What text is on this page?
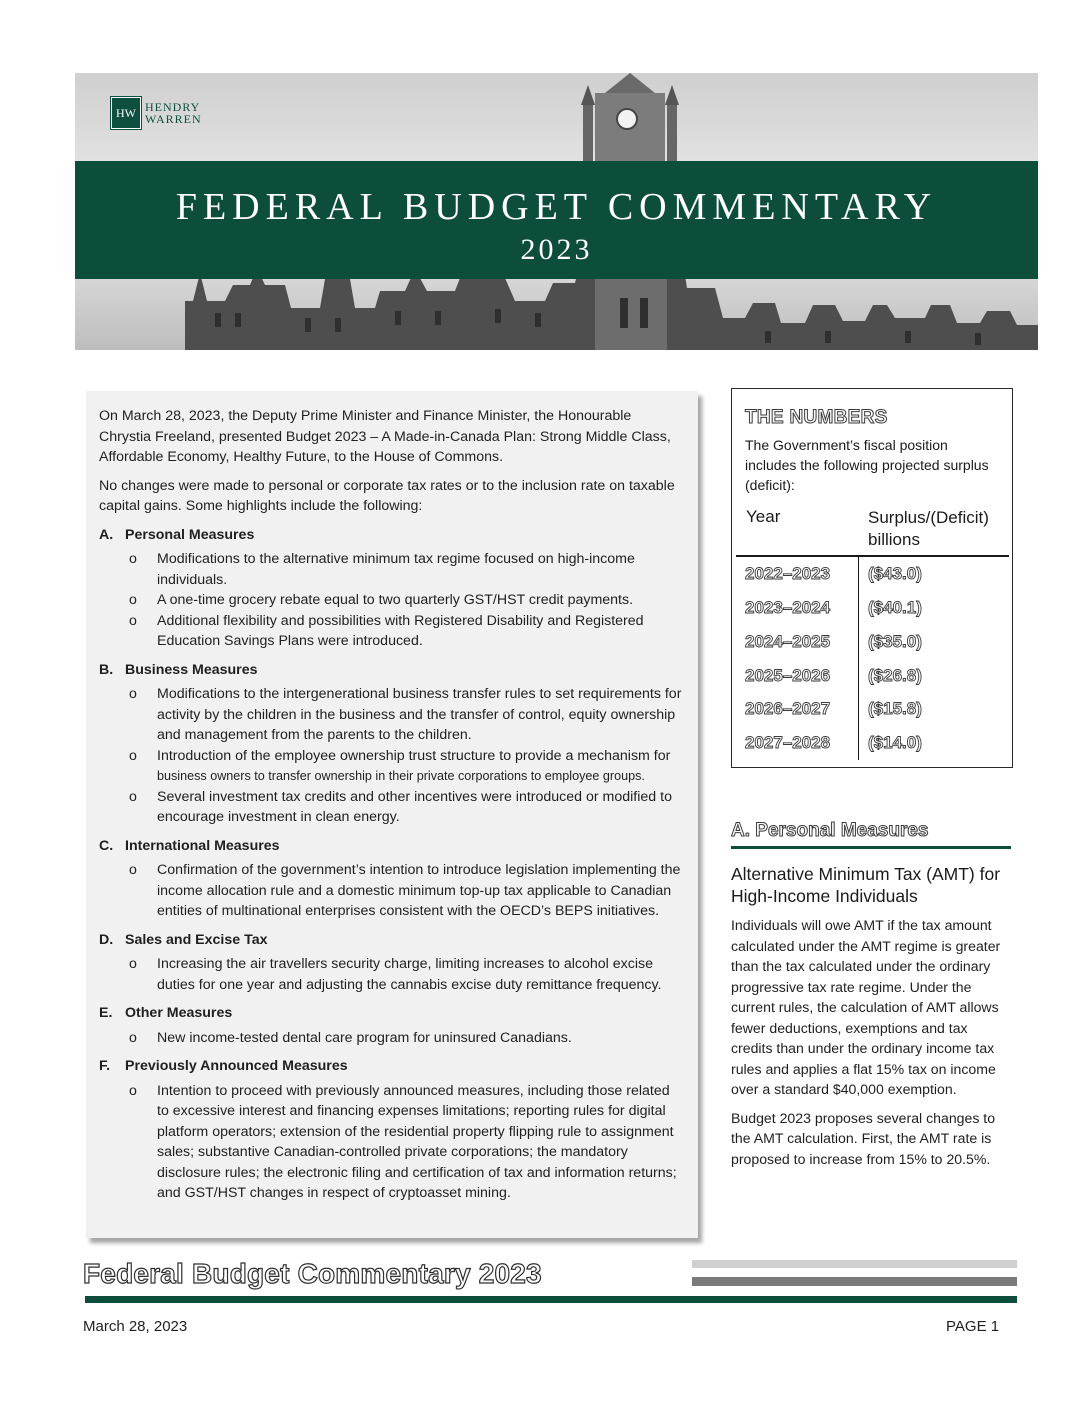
HW HENDRY
WARREN
FEDERAL BUDGET COMMENTARY
2023

On March 28, 2023, the Deputy Prime Minister and Finance Minister, the Honourable Chrystia Freeland, presented Budget 2023 – A Made-in-Canada Plan: Strong Middle Class, Affordable Economy, Healthy Future, to the House of Commons.

No changes were made to personal or corporate tax rates or to the inclusion rate on taxable capital gains. Some highlights include the following:

A. Personal Measures
o	Modifications to the alternative minimum tax regime focused on high-income individuals.
o	A one-time grocery rebate equal to two quarterly GST/HST credit payments.
o	Additional flexibility and possibilities with Registered Disability and Registered Education Savings Plans were introduced.
B. Business Measures
o	Modifications to the intergenerational business transfer rules to set requirements for activity by the children in the business and the transfer of control, equity ownership and management from the parents to the children.
o	Introduction of the employee ownership trust structure to provide a mechanism for
business owners to transfer ownership in their private corporations to employee groups.
o	Several investment tax credits and other incentives were introduced or modified to encourage investment in clean energy.
C. International Measures
o	Confirmation of the government’s intention to introduce legislation implementing the income allocation rule and a domestic minimum top-up tax applicable to Canadian entities of multinational enterprises consistent with the OECD’s BEPS initiatives.
D. Sales and Excise Tax
o	Increasing the air travellers security charge, limiting increases to alcohol excise duties for one year and adjusting the cannabis excise duty remittance frequency.
E. Other Measures
o	New income-tested dental care program for uninsured Canadians.
F.	Previously Announced Measures
o	Intention to proceed with previously announced measures, including those related to excessive interest and financing expenses limitations; reporting rules for digital platform operators; extension of the residential property flipping rule to assignment sales; substantive Canadian-controlled private corporations; the mandatory disclosure rules; the electronic filing and certification of tax and information returns; and GST/HST changes in respect of cryptoasset mining.
THE NUMBERS
The Government’s fiscal position includes the following projected surplus (deficit):
Year	Surplus/(Deficit)
billions
2022–2023 ($43.0)
2023–2024 ($40.1)
2024–2025 ($35.0)
2025–2026 ($26.8)
2026–2027 ($15.8)
2027–2028 ($14.0)
A. Personal Measures
Alternative Minimum Tax (AMT) for High-Income Individuals

Individuals will owe AMT if the tax amount calculated under the AMT regime is greater than the tax calculated under the ordinary progressive tax rate regime. Under the current rules, the calculation of AMT allows fewer deductions, exemptions and tax credits than under the ordinary income tax rules and applies a flat 15% tax on income over a standard $40,000 exemption.

Budget 2023 proposes several changes to the AMT calculation. First, the AMT rate is proposed to increase from 15% to 20.5%.

Federal Budget Commentary 2023
March 28, 2023	PAGE 1
